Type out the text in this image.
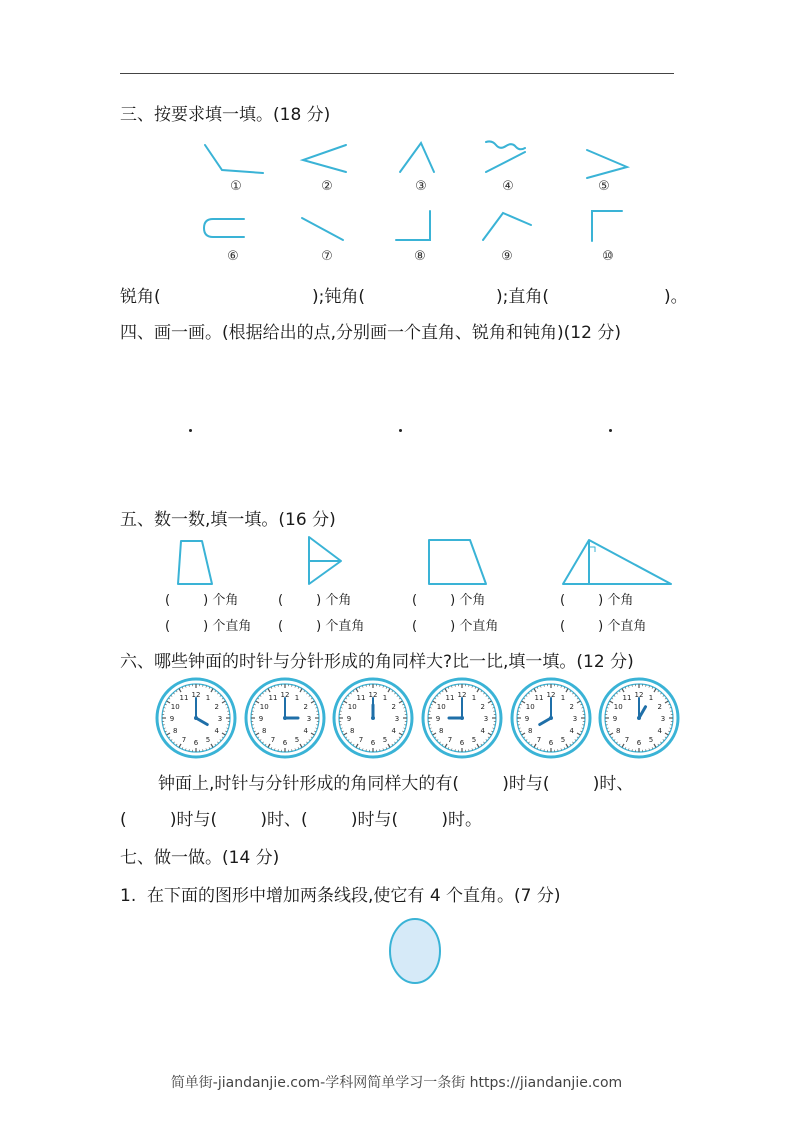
三、按要求填一填。(18 分)
①	②	③	④	⑤
⑥	⑦	⑧	⑨	⑩
锐角(	);钝角(	);直角(	)。
四、画一画。(根据给出的点,分别画一个直角、锐角和钝角)(12 分)
五、数一数,填一填。(16 分)
(        ) 个角
(        ) 个直角
(        ) 个角
(        ) 个直角
(        ) 个角
(        ) 个直角
(        ) 个角
(        ) 个直角
六、哪些钟面的时针与分针形成的角同样大?比一比,填一填。(12 分)
1
2
3
4
5
6
7
8
9
10
11 12	1
2
3
4
5
6
7
8
9
10
11 12	1
2
3
4
5
6
7
8
9
10
11 12	1
2
3
4
5
6
7
8
9
10
11 12	1
2
3
4
5
6
7
8
9
10
11 12	1
2
3
4
5
6
7
8
9
10
11 12
钟面上,时针与分针形成的角同样大的有(        )时与(        )时、
(        )时与(        )时、(        )时与(        )时。
七、做一做。(14 分)
1.  在下面的图形中增加两条线段,使它有 4 个直角。(7 分)
简单街-jiandanjie.com-学科网简单学习一条街 https://jiandanjie.com
